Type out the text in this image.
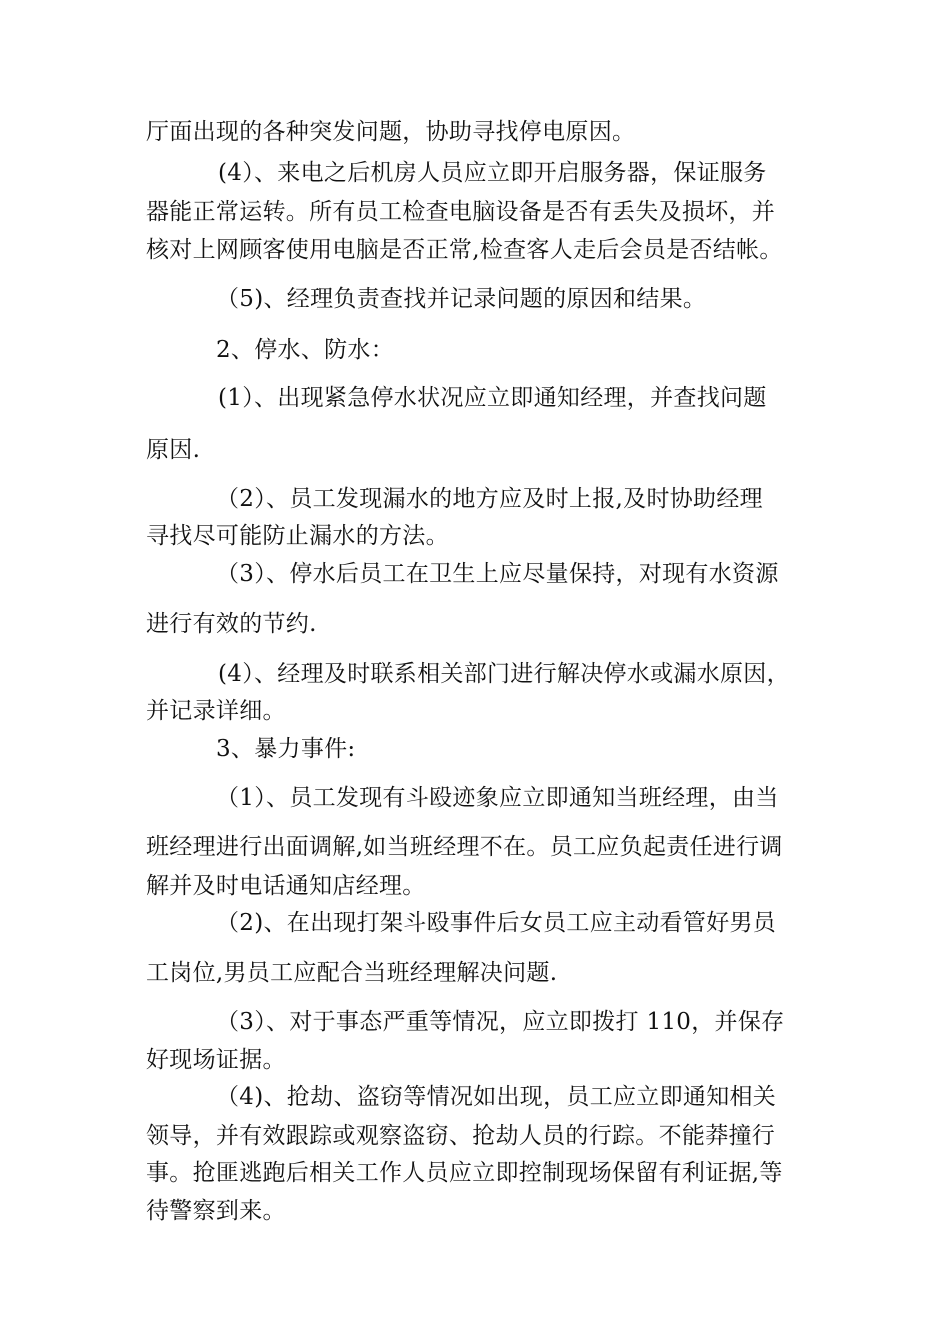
厅面出现的各种突发问题，协助寻找停电原因。
(4）、来电之后机房人员应立即开启服务器，保证服务
器能正常运转。所有员工检查电脑设备是否有丢失及损坏，并
核对上网顾客使用电脑是否正常,检查客人走后会员是否结帐。
（5)、经理负责查找并记录问题的原因和结果。
2、停水、防水：
(1）、出现紧急停水状况应立即通知经理，并查找问题
原因.
（2）、员工发现漏水的地方应及时上报,及时协助经理
寻找尽可能防止漏水的方法。
（3）、停水后员工在卫生上应尽量保持，对现有水资源
进行有效的节约.
(4）、经理及时联系相关部门进行解决停水或漏水原因，
并记录详细。
3、暴力事件:
（1）、员工发现有斗殴迹象应立即通知当班经理，由当
班经理进行出面调解,如当班经理不在。员工应负起责任进行调
解并及时电话通知店经理。
（2)、在出现打架斗殴事件后女员工应主动看管好男员
工岗位,男员工应配合当班经理解决问题.
（3）、对于事态严重等情况，应立即拨打 110，并保存
好现场证据。
（4)、抢劫、盗窃等情况如出现，员工应立即通知相关
领导，并有效跟踪或观察盗窃、抢劫人员的行踪。不能莽撞行
事。抢匪逃跑后相关工作人员应立即控制现场保留有利证据,等
待警察到来。
